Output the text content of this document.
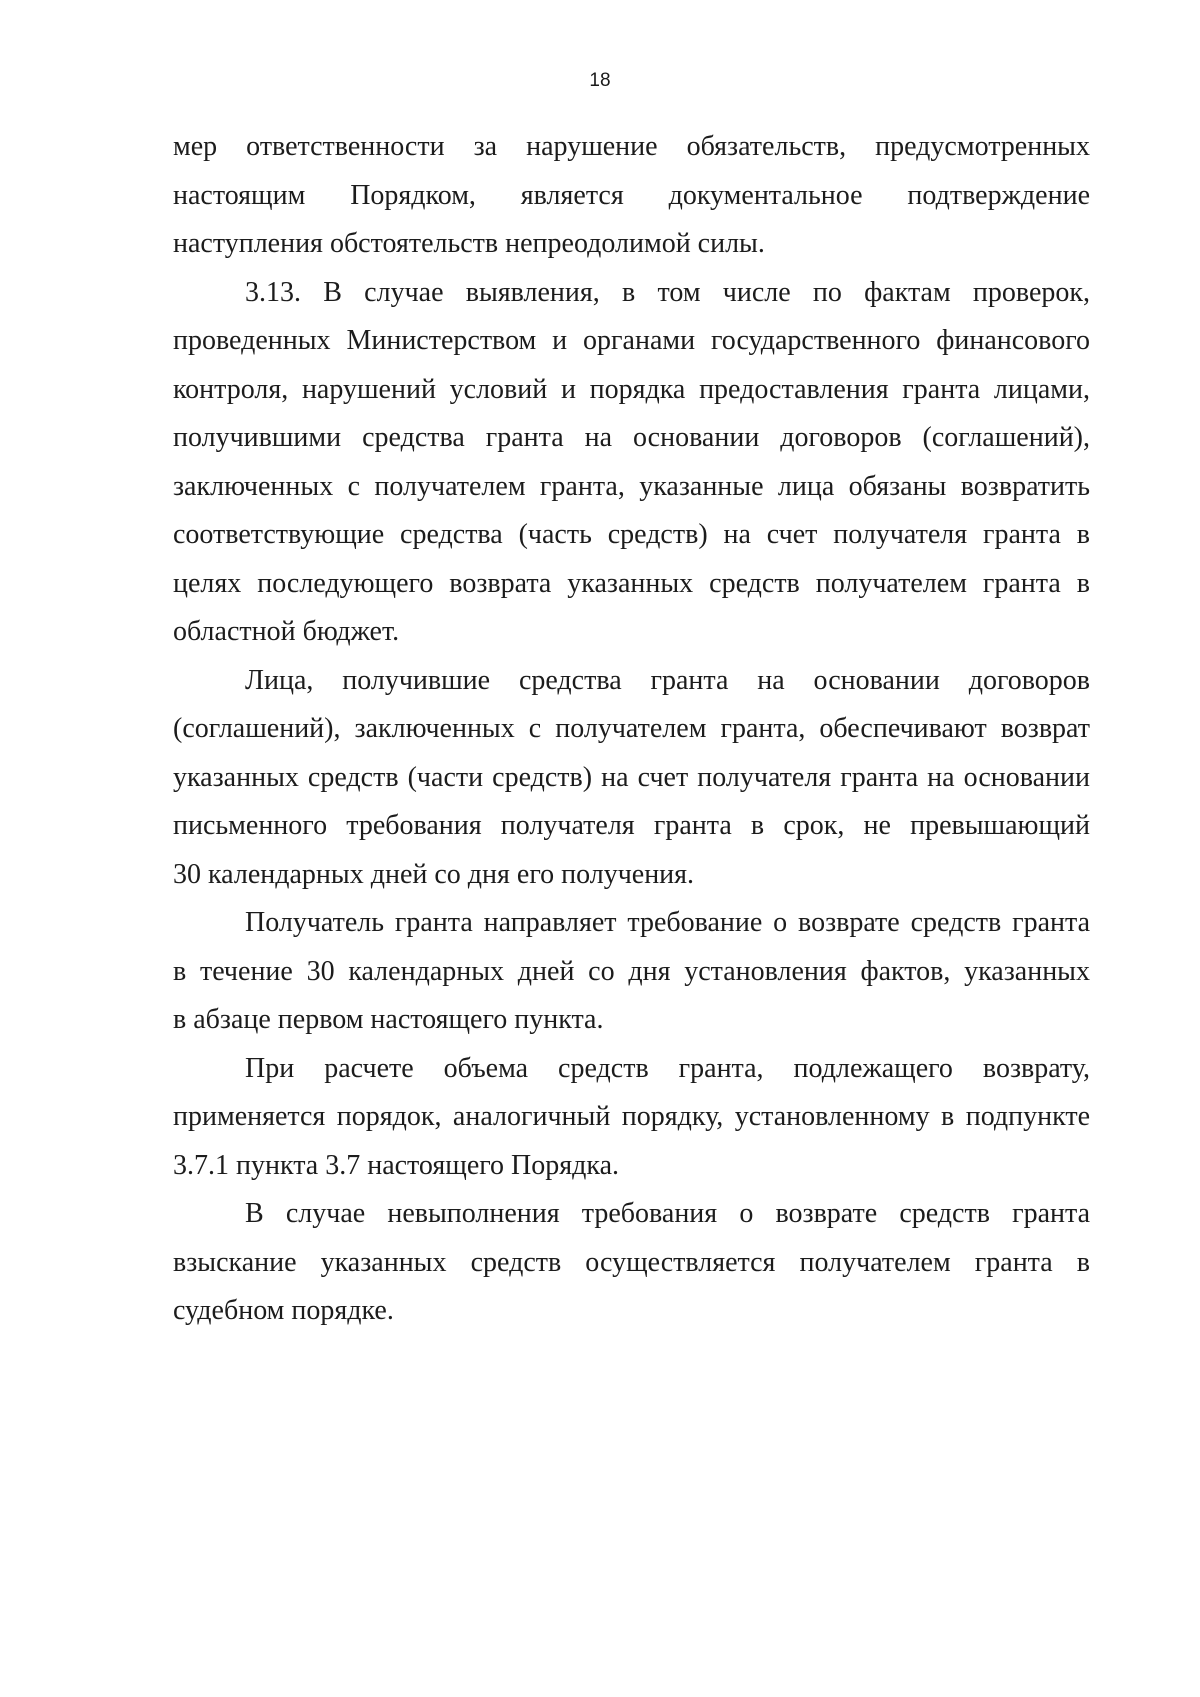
18
мер ответственности за нарушение обязательств, предусмотренных
настоящим Порядком, является документальное подтверждение
наступления обстоятельств непреодолимой силы.
3.13. В случае выявления, в том числе по фактам проверок,
проведенных Министерством и органами государственного финансового
контроля, нарушений условий и порядка предоставления гранта лицами,
получившими средства гранта на основании договоров (соглашений),
заключенных с получателем гранта, указанные лица обязаны возвратить
соответствующие средства (часть средств) на счет получателя гранта в
целях последующего возврата указанных средств получателем гранта в
областной бюджет.
Лица, получившие средства гранта на основании договоров
(соглашений), заключенных с получателем гранта, обеспечивают возврат
указанных средств (части средств) на счет получателя гранта на основании
письменного требования получателя гранта в срок, не превышающий
30 календарных дней со дня его получения.
Получатель гранта направляет требование о возврате средств гранта
в течение 30 календарных дней со дня установления фактов, указанных
в абзаце первом настоящего пункта.
При расчете объема средств гранта, подлежащего возврату,
применяется порядок, аналогичный порядку, установленному в подпункте
3.7.1 пункта 3.7 настоящего Порядка.
В случае невыполнения требования о возврате средств гранта
взыскание указанных средств осуществляется получателем гранта в
судебном порядке.
